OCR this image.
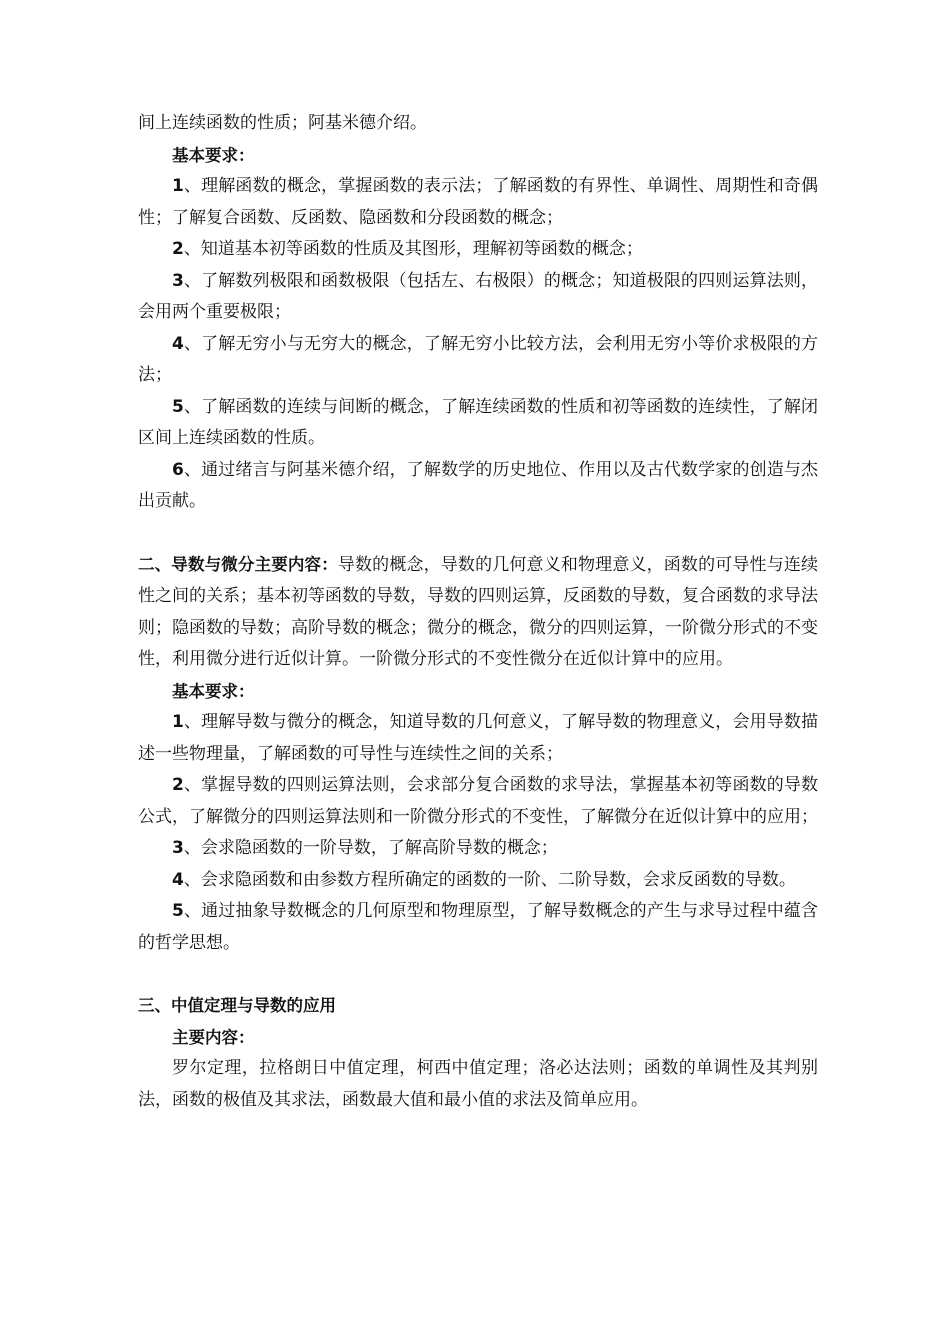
间上连续函数的性质；阿基米德介绍。

基本要求：

1、理解函数的概念，掌握函数的表示法；了解函数的有界性、单调性、周期性和奇偶性；了解复合函数、反函数、隐函数和分段函数的概念；

2、知道基本初等函数的性质及其图形，理解初等函数的概念；

3、了解数列极限和函数极限（包括左、右极限）的概念；知道极限的四则运算法则，会用两个重要极限；

4、了解无穷小与无穷大的概念，了解无穷小比较方法，会利用无穷小等价求极限的方法；

5、了解函数的连续与间断的概念，了解连续函数的性质和初等函数的连续性，了解闭区间上连续函数的性质。

6、通过绪言与阿基米德介绍，了解数学的历史地位、作用以及古代数学家的创造与杰出贡献。

二、导数与微分主要内容：导数的概念，导数的几何意义和物理意义，函数的可导性与连续性之间的关系；基本初等函数的导数，导数的四则运算，反函数的导数，复合函数的求导法则；隐函数的导数；高阶导数的概念；微分的概念，微分的四则运算，一阶微分形式的不变性，利用微分进行近似计算。一阶微分形式的不变性微分在近似计算中的应用。

基本要求：

1、理解导数与微分的概念，知道导数的几何意义，了解导数的物理意义，会用导数描述一些物理量，了解函数的可导性与连续性之间的关系；

2、掌握导数的四则运算法则，会求部分复合函数的求导法，掌握基本初等函数的导数公式，了解微分的四则运算法则和一阶微分形式的不变性，了解微分在近似计算中的应用；

3、会求隐函数的一阶导数，了解高阶导数的概念；

4、会求隐函数和由参数方程所确定的函数的一阶、二阶导数，会求反函数的导数。

5、通过抽象导数概念的几何原型和物理原型，了解导数概念的产生与求导过程中蕴含的哲学思想。

三、中值定理与导数的应用

主要内容：

罗尔定理，拉格朗日中值定理，柯西中值定理；洛必达法则；函数的单调性及其判别法，函数的极值及其求法，函数最大值和最小值的求法及简单应用。
